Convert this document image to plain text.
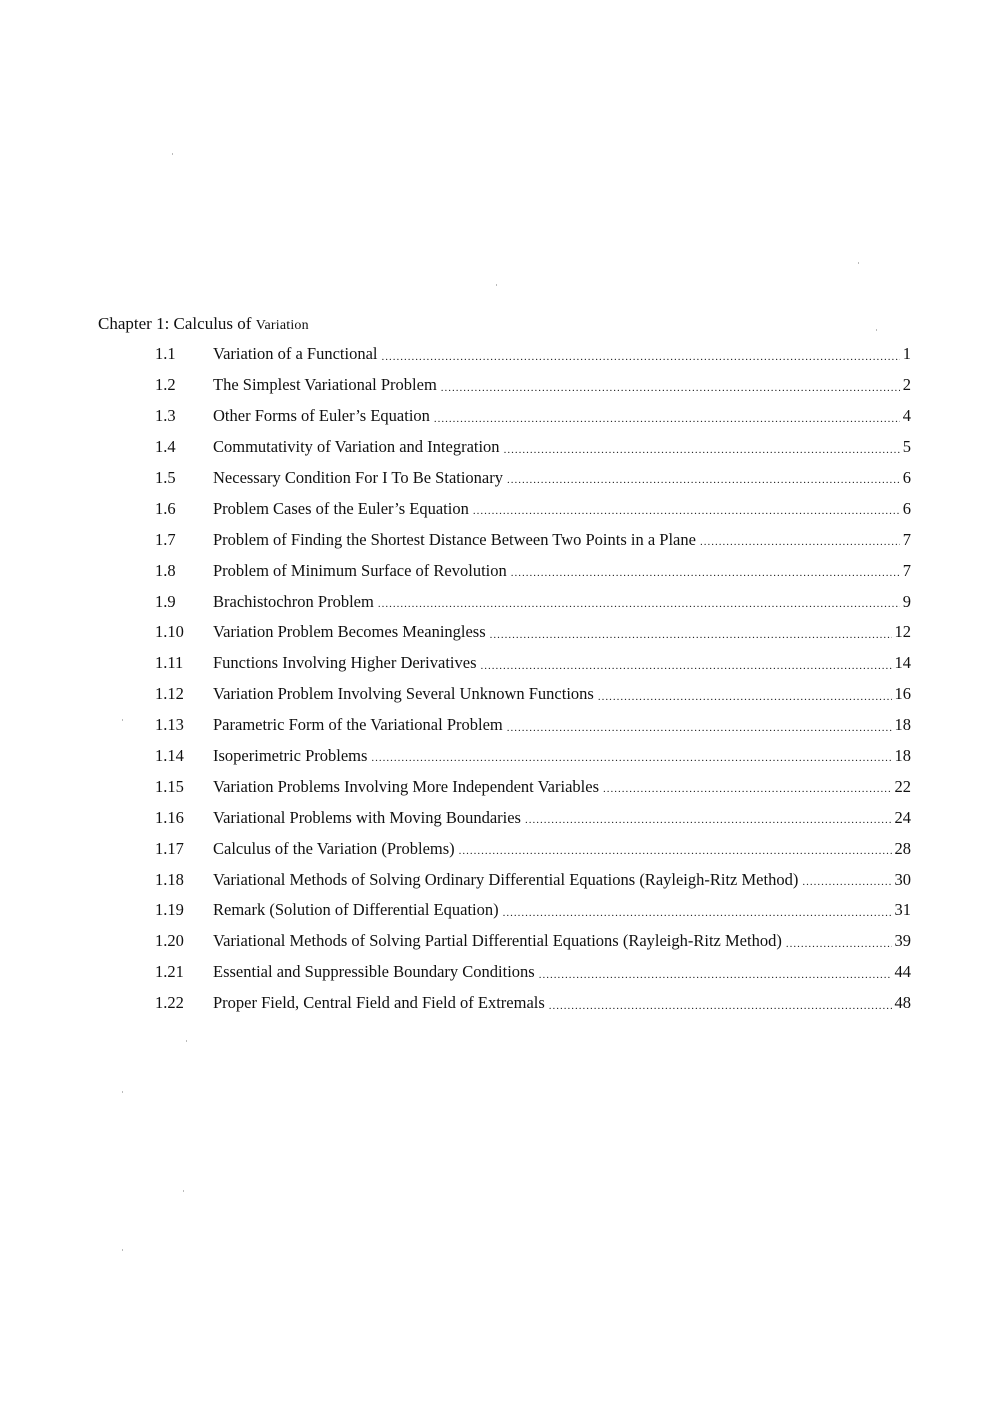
Chapter 1: Calculus of Variation
1.1	Variation of a Functional .....	1
1.2	The Simplest Variational Problem .....	2
1.3	Other Forms of Euler’s Equation .....	4
1.4	Commutativity of Variation and Integration .....	5
1.5	Necessary Condition For I To Be Stationary .....	6
1.6	Problem Cases of the Euler’s Equation .....	6
1.7	Problem of Finding the Shortest Distance Between Two Points in a Plane .....	7
1.8	Problem of Minimum Surface of Revolution .....	7
1.9	Brachistochron Problem .....	9
1.10	Variation Problem Becomes Meaningless .....	12
1.11	Functions Involving Higher Derivatives .....	14
1.12	Variation Problem Involving Several Unknown Functions .....	16
1.13	Parametric Form of the Variational Problem .....	18
1.14	Isoperimetric Problems .....	18
1.15	Variation Problems Involving More Independent Variables .....	22
1.16	Variational Problems with Moving Boundaries .....	24
1.17	Calculus of the Variation (Problems) .....	28
1.18	Variational Methods of Solving Ordinary Differential Equations (Rayleigh-Ritz Method) .....	30
1.19	Remark (Solution of Differential Equation) .....	31
1.20	Variational Methods of Solving Partial Differential Equations (Rayleigh-Ritz Method) .....	39
1.21	Essential and Suppressible Boundary Conditions .....	44
1.22	Proper Field, Central Field and Field of Extremals .....	48
